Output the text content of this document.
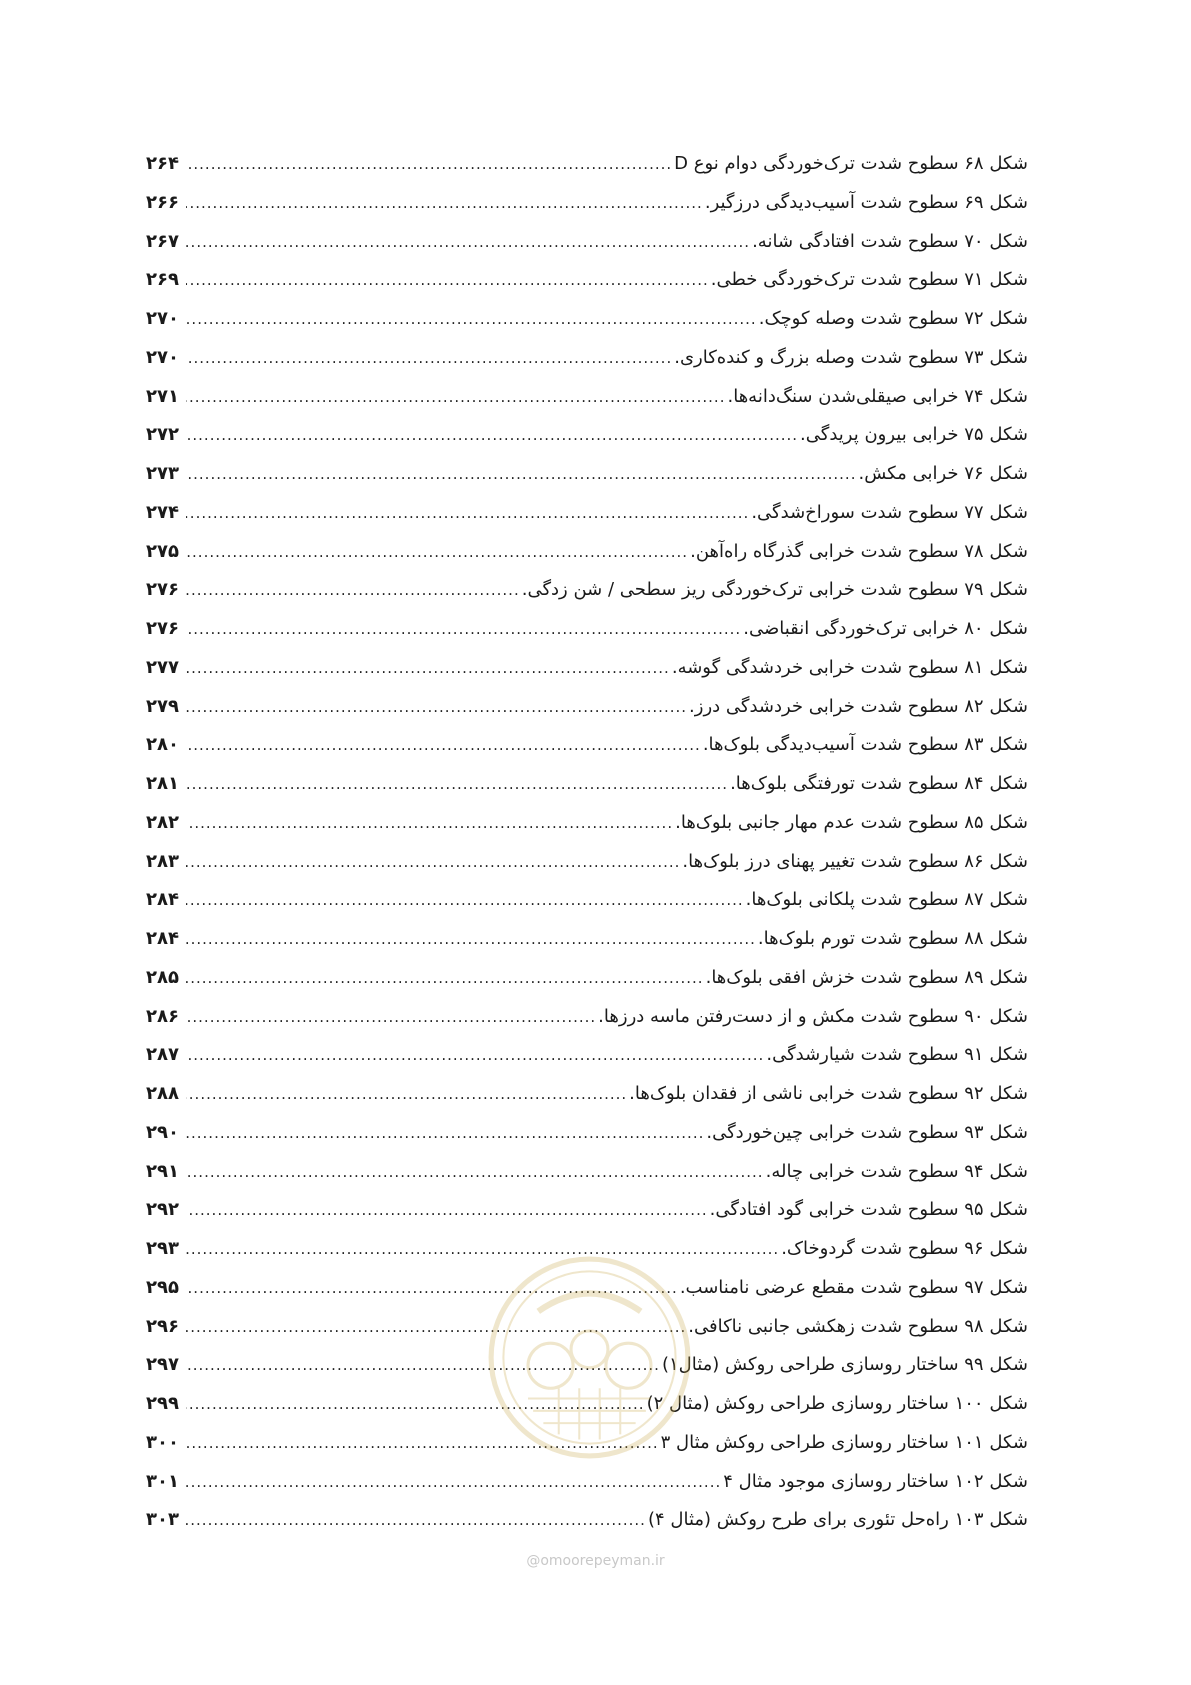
شکل ۶۸ سطوح شدت ترک‌خوردگی دوام نوع D
.....
۲۶۴
شکل ۶۹ سطوح شدت آسیب‌دیدگی درزگیر.
.....
۲۶۶
شکل ۷۰ سطوح شدت افتادگی شانه.
.....
۲۶۷
شکل ۷۱ سطوح شدت ترک‌خوردگی خطی.
.....
۲۶۹
شکل ۷۲ سطوح شدت وصله کوچک.
.....
۲۷۰
شکل ۷۳ سطوح شدت وصله بزرگ و کنده‌کاری.
.....
۲۷۰
شکل ۷۴ خرابی صیقلی‌شدن سنگ‌دانه‌ها.
.....
۲۷۱
شکل ۷۵ خرابی بیرون پریدگی.
.....
۲۷۲
شکل ۷۶ خرابی مکش.
.....
۲۷۳
شکل ۷۷ سطوح شدت سوراخ‌شدگی.
.....
۲۷۴
شکل ۷۸ سطوح شدت خرابی گذرگاه راه‌آهن.
.....
۲۷۵
شکل ۷۹ سطوح شدت خرابی ترک‌خوردگی ریز سطحی / شن زدگی.
.....
۲۷۶
شکل ۸۰ خرابی ترک‌خوردگی انقباضی.
.....
۲۷۶
شکل ۸۱ سطوح شدت خرابی خردشدگی گوشه.
.....
۲۷۷
شکل ۸۲ سطوح شدت خرابی خردشدگی درز.
.....
۲۷۹
شکل ۸۳ سطوح شدت آسیب‌دیدگی بلوک‌ها.
.....
۲۸۰
شکل ۸۴ سطوح شدت تورفتگی بلوک‌ها.
.....
۲۸۱
شکل ۸۵ سطوح شدت عدم مهار جانبی بلوک‌ها.
.....
۲۸۲
شکل ۸۶ سطوح شدت تغییر پهنای درز بلوک‌ها.
.....
۲۸۳
شکل ۸۷ سطوح شدت پلکانی بلوک‌ها.
.....
۲۸۴
شکل ۸۸ سطوح شدت تورم بلوک‌ها.
.....
۲۸۴
شکل ۸۹ سطوح شدت خزش افقی بلوک‌ها.
.....
۲۸۵
شکل ۹۰ سطوح شدت مکش و از دست‌رفتن ماسه درزها.
.....
۲۸۶
شکل ۹۱ سطوح شدت شیارشدگی.
.....
۲۸۷
شکل ۹۲ سطوح شدت خرابی ناشی از فقدان بلوک‌ها.
.....
۲۸۸
شکل ۹۳ سطوح شدت خرابی چین‌خوردگی.
.....
۲۹۰
شکل ۹۴ سطوح شدت خرابی چاله.
.....
۲۹۱
شکل ۹۵ سطوح شدت خرابی گود افتادگی.
.....
۲۹۲
شکل ۹۶ سطوح شدت گردوخاک.
.....
۲۹۳
شکل ۹۷ سطوح شدت مقطع عرضی نامناسب.
.....
۲۹۵
شکل ۹۸ سطوح شدت زهکشی جانبی ناکافی.
.....
۲۹۶
شکل ۹۹ ساختار روسازی طراحی روکش (مثال۱)
.....
۲۹۷
شکل ۱۰۰ ساختار روسازی طراحی روکش (مثال ۲)
.....
۲۹۹
شکل ۱۰۱ ساختار روسازی طراحی روکش مثال ۳
.....
۳۰۰
شکل ۱۰۲ ساختار روسازی موجود مثال ۴
.....
۳۰۱
شکل ۱۰۳ راه‌حل تئوری برای طرح روکش (مثال ۴)
.....
۳۰۳
@omoorepeyman.ir
